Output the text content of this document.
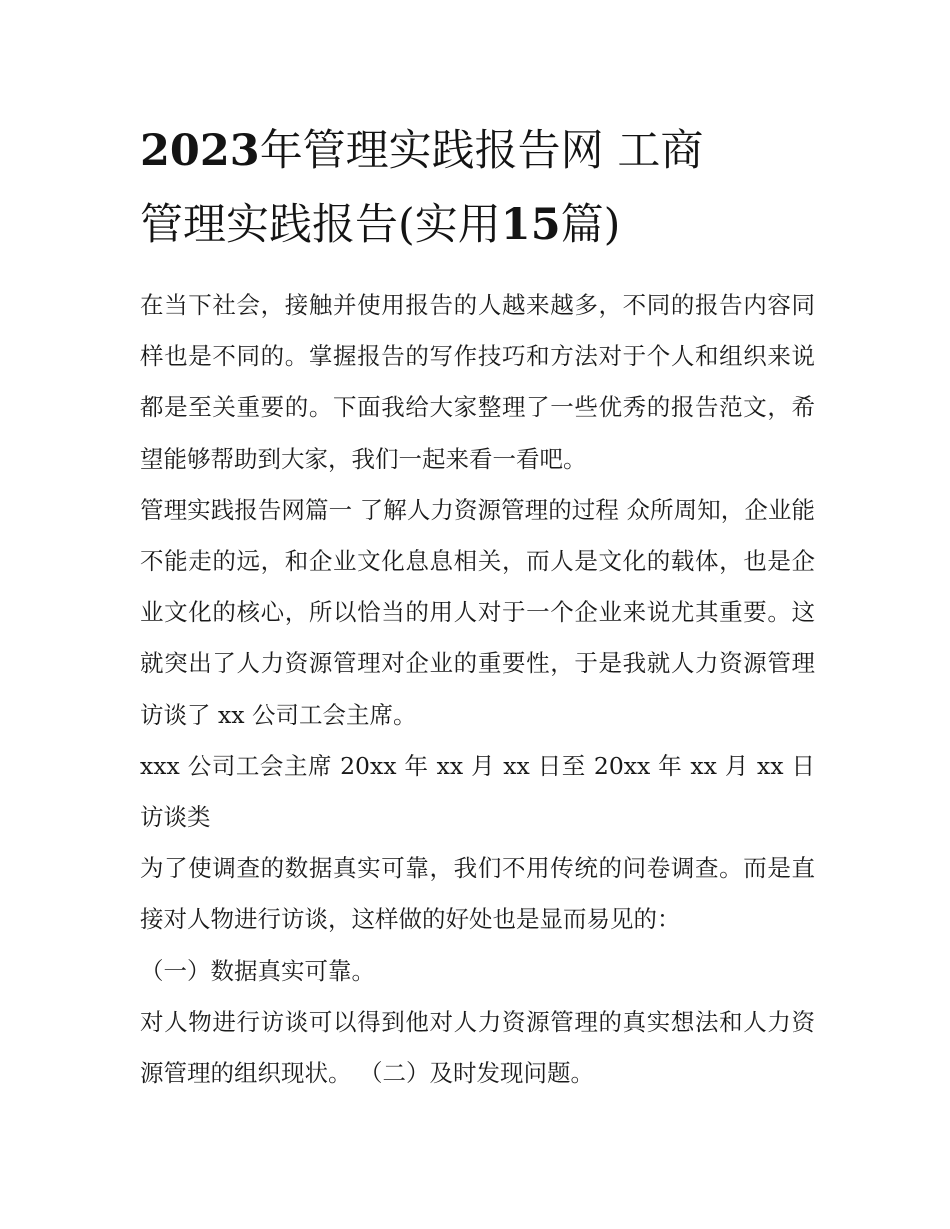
2023年管理实践报告网 工商
管理实践报告(实用15篇)

在当下社会，接触并使用报告的人越来越多，不同的报告内容同样也是不同的。掌握报告的写作技巧和方法对于个人和组织来说都是至关重要的。下面我给大家整理了一些优秀的报告范文，希望能够帮助到大家，我们一起来看一看吧。

管理实践报告网篇一 了解人力资源管理的过程 众所周知，企业能不能走的远，和企业文化息息相关，而人是文化的载体，也是企业文化的核心，所以恰当的用人对于一个企业来说尤其重要。这就突出了人力资源管理对企业的重要性，于是我就人力资源管理访谈了 xx 公司工会主席。

xxx 公司工会主席 20xx 年 xx 月 xx 日至 20xx 年 xx 月 xx 日 访谈类

为了使调查的数据真实可靠，我们不用传统的问卷调查。而是直接对人物进行访谈，这样做的好处也是显而易见的：

（一）数据真实可靠。

对人物进行访谈可以得到他对人力资源管理的真实想法和人力资源管理的组织现状。 （二）及时发现问题。
